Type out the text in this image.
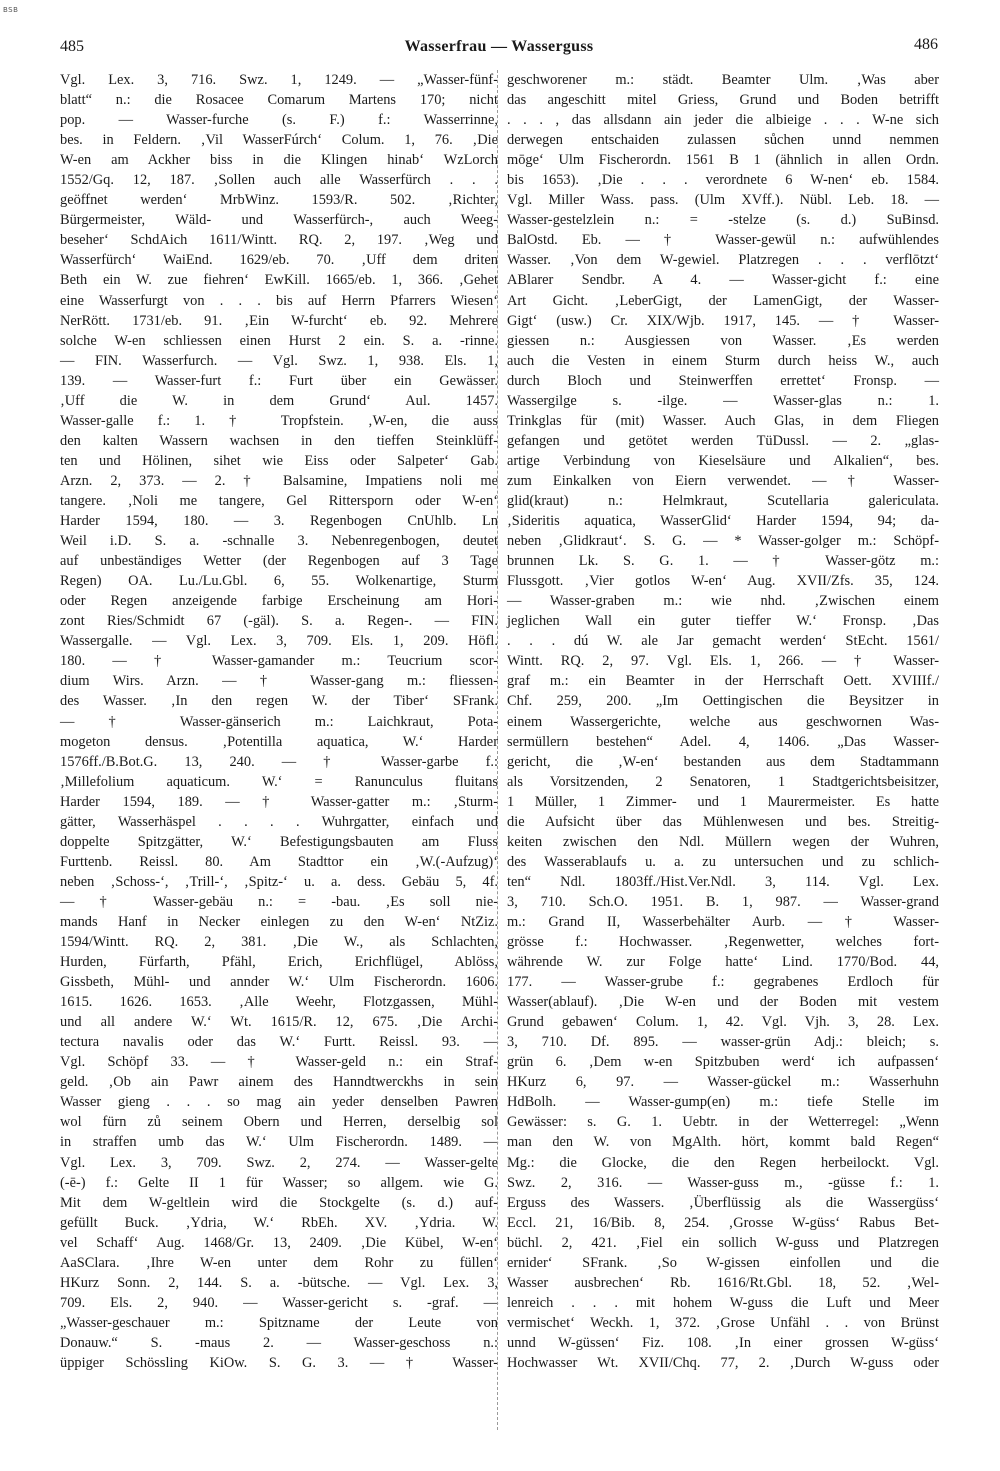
BSB
485	Wasserfrau — Wasserguss	486
Vgl. Lex. 3, 716. Swz. 1, 1249. — „Wasser-fünf-
blatt“ n.: die Rosacee Comarum Martens 170; nicht
pop. — Wasser-furche (s. F.) f.: Wasserrinne,
bes. in Feldern. ‚Vil WasserFúrch‘ Colum. 1, 76. ‚Die
W-en am Ackher biss in die Klingen hinab‘ WzLorch
1552/Gq. 12, 187. ‚Sollen auch alle Wasserfürch . . .
geöffnet werden‘ MrbWinz. 1593/R. 502. ‚Richter,
Bürgermeister, Wäld- und Wasserfürch-, auch Weeg-
beseher‘ SchdAich 1611/Wintt. RQ. 2, 197. ‚Weg und
Wasserfürch‘ WaiEnd. 1629/eb. 70. ‚Uff dem driten
Beth ein W. zue fiehren‘ EwKill. 1665/eb. 1, 366. ‚Gehet
eine Wasserfurgt von . . . bis auf Herrn Pfarrers Wiesen‘
NerRött. 1731/eb. 91. ‚Ein W-furcht‘ eb. 92. Mehrere
solche W-en schliessen einen Hurst 2 ein. S. a. -rinne.
— FIN. Wasserfurch. — Vgl. Swz. 1, 938. Els. 1,
139. — Wasser-furt f.: Furt über ein Gewässer.
‚Uff die W. in dem Grund‘ Aul. 1457.
Wasser-galle f.: 1. † Tropfstein. ‚W-en, die auss
den kalten Wassern wachsen in den tieffen Steinklüff-
ten und Hölinen, sihet wie Eiss oder Salpeter‘ Gab.
Arzn. 2, 373. — 2. † Balsamine, Impatiens noli me
tangere. ‚Noli me tangere, Gel Rittersporn oder W-en‘
Harder 1594, 180. — 3. Regenbogen CnUhlb. Ln
Weil i.D. S. a. -schnalle 3. Nebenregenbogen, deutet
auf unbeständiges Wetter (der Regenbogen auf 3 Tage
Regen) OA. Lu./Lu.Gbl. 6, 55. Wolkenartige, Sturm
oder Regen anzeigende farbige Erscheinung am Hori-
zont Ries/Schmidt 67 (-gäl). S. a. Regen-. — FIN.
Wassergalle. — Vgl. Lex. 3, 709. Els. 1, 209. Höfl.
180. — † Wasser-gamander m.: Teucrium scor-
dium Wirs. Arzn. — † Wasser-gang m.: fliessen-
des Wasser. ‚In den regen W. der Tiber‘ SFrank.
— † Wasser-gänserich m.: Laichkraut, Pota-
mogeton densus. ‚Potentilla aquatica, W.‘ Harder
1576ff./B.Bot.G. 13, 240. — † Wasser-garbe f.:
‚Millefolium aquaticum. W.‘ = Ranunculus fluitans
Harder 1594, 189. — † Wasser-gatter m.: ‚Sturm-
gätter, Wasserhäspel . . . . Wuhrgatter, einfach und
doppelte Spitzgätter, W.‘ Befestigungsbauten am Fluss
Furttenb. Reissl. 80. Am Stadttor ein ‚W.(-Aufzug)‘
neben ‚Schoss-‘, ‚Trill-‘, ‚Spitz-‘ u. a. dess. Gebäu 5, 4f.
— † Wasser-gebäu n.: = -bau. ‚Es soll nie-
mands Hanf in Necker einlegen zu den W-en‘ NtZiz.
1594/Wintt. RQ. 2, 381. ‚Die W., als Schlachten,
Hurden, Fürfarth, Pfähl, Erich, Erichflügel, Ablöss,
Gissbeth, Mühl- und annder W.‘ Ulm Fischerordn. 1606.
1615. 1626. 1653. ‚Alle Weehr, Flotzgassen, Mühl-
und all andere W.‘ Wt. 1615/R. 12, 675. ‚Die Archi-
tectura navalis oder das W.‘ Furtt. Reissl. 93. —
Vgl. Schöpf 33. — † Wasser-geld n.: ein Straf-
geld. ‚Ob ain Pawr ainem des Hanndtwerckhs in sein
Wasser gieng . . . so mag ain yeder denselben Pawren
wol fürn zů seinem Obern und Herren, derselbig sol
in straffen umb das W.‘ Ulm Fischerordn. 1489. —
Vgl. Lex. 3, 709. Swz. 2, 274. — Wasser-gelte
(-ē-) f.: Gelte II 1 für Wasser; so allgem. wie G.
Mit dem W-geltlein wird die Stockgelte (s. d.) auf-
gefüllt Buck. ‚Ydria, W.‘ RbEh. XV. ‚Ydria. W.
vel Schaff‘ Aug. 1468/Gr. 13, 2409. ‚Die Kübel, W-en‘
AaSClara. ‚Ihre W-en unter dem Rohr zu füllen‘
HKurz Sonn. 2, 144. S. a. -bütsche. — Vgl. Lex. 3,
709. Els. 2, 940. — Wasser-gericht s. -graf. —
„Wasser-geschauer m.: Spitzname der Leute von
Donauw.“ S. -maus 2. — Wasser-geschoss n.:
üppiger Schössling KiOw. S. G. 3. — † Wasser-
geschworener m.: städt. Beamter Ulm. ‚Was aber
das angeschitt mitel Griess, Grund und Boden betrifft
. . . , das allsdann ain jeder die albieige . . . W-ne sich
derwegen entschaiden zulassen sůchen unnd nemmen
mōge‘ Ulm Fischerordn. 1561 B 1 (ähnlich in allen Ordn.
bis 1653). ‚Die . . . verordnete 6 W-nen‘ eb. 1584.
Vgl. Miller Wass. pass. (Ulm XVff.). Nübl. Leb. 18. —
Wasser-gestelzlein n.: = -stelze (s. d.) SuBinsd.
BalOstd. Eb. — † Wasser-gewül n.: aufwühlendes
Wasser. ‚Von dem W-gewiel. Platzregen . . . verflōtzt‘
ABlarer Sendbr. A 4. — Wasser-gicht f.: eine
Art Gicht. ‚LeberGigt, der LamenGigt, der Wasser-
Gigt‘ (usw.) Cr. XIX/Wjb. 1917, 145. — † Wasser-
giessen n.: Ausgiessen von Wasser. ‚Es werden
auch die Vesten in einem Sturm durch heiss W., auch
durch Bloch und Steinwerffen errettet‘ Fronsp. —
Wassergilge s. -ilge. — Wasser-glas n.: 1.
Trinkglas für (mit) Wasser. Auch Glas, in dem Fliegen
gefangen und getötet werden TüDussl. — 2. „glas-
artige Verbindung von Kieselsäure und Alkalien“, bes.
zum Einkalken von Eiern verwendet. — † Wasser-
glid(kraut) n.: Helmkraut, Scutellaria galericulata.
‚Sideritis aquatica, WasserGlid‘ Harder 1594, 94; da-
neben ‚Glidkraut‘. S. G. — * Wasser-golger m.: Schöpf-
brunnen Lk. S. G. 1. — † Wasser-götz m.:
Flussgott. ‚Vier gotlos W-en‘ Aug. XVII/Zfs. 35, 124.
— Wasser-graben m.: wie nhd. ‚Zwischen einem
jeglichen Wall ein guter tieffer W.‘ Fronsp. ‚Das
. . . dú W. ale Jar gemacht werden‘ StEcht. 1561/
Wintt. RQ. 2, 97. Vgl. Els. 1, 266. — † Wasser-
graf m.: ein Beamter in der Herrschaft Oett. XVIIIf./
Chf. 259, 200. „Im Oettingischen die Beysitzer in
einem Wassergerichte, welche aus geschwornen Was-
sermüllern bestehen“ Adel. 4, 1406. „Das Wasser-
gericht, die ‚W-en‘ bestanden aus dem Stadtammann
als Vorsitzenden, 2 Senatoren, 1 Stadtgerichtsbeisitzer,
1 Müller, 1 Zimmer- und 1 Maurermeister. Es hatte
die Aufsicht über das Mühlenwesen und bes. Streitig-
keiten zwischen den Ndl. Müllern wegen der Wuhren,
des Wasserablaufs u. a. zu untersuchen und zu schlich-
ten“ Ndl. 1803ff./Hist.Ver.Ndl. 3, 114. Vgl. Lex.
3, 710. Sch.O. 1951. B. 1, 987. — Wasser-grand
m.: Grand II, Wasserbehälter Aurb. — † Wasser-
grösse f.: Hochwasser. ‚Regenwetter, welches fort-
währende W. zur Folge hatte‘ Lind. 1770/Bod. 44,
177. — Wasser-grube f.: gegrabenes Erdloch für
Wasser(ablauf). ‚Die W-en und der Boden mit vestem
Grund gebawen‘ Colum. 1, 42. Vgl. Vjh. 3, 28. Lex.
3, 710. Df. 895. — wasser-grün Adj.: bleich; s.
grün 6. ‚Dem w-en Spitzbuben werd‘ ich aufpassen‘
HKurz 6, 97. — Wasser-gückel m.: Wasserhuhn
HdBolh. — Wasser-gump(en) m.: tiefe Stelle im
Gewässer: s. G. 1. Uebtr. in der Wetterregel: „Wenn
man den W. von MgAlth. hört, kommt bald Regen“
Mg.: die Glocke, die den Regen herbeilockt. Vgl.
Swz. 2, 316. — Wasser-guss m., -güsse f.: 1.
Erguss des Wassers. ‚Überflüssig als die Wassergüss‘
Eccl. 21, 16/Bib. 8, 254. ‚Grosse W-güss‘ Rabus Bet-
büchl. 2, 421. ‚Fiel ein sollich W-guss und Platzregen
ernider‘ SFrank. ‚So W-gissen einfollen und die
Wasser ausbrechen‘ Rb. 1616/Rt.Gbl. 18, 52. ‚Wel-
lenreich . . . mit hohem W-guss die Luft und Meer
vermischet‘ Weckh. 1, 372. ‚Grose Unfähl . . von Brünst
unnd W-güssen‘ Fiz. 108. ‚In einer grossen W-güss‘
Hochwasser Wt. XVII/Chq. 77, 2. ‚Durch W-guss oder
